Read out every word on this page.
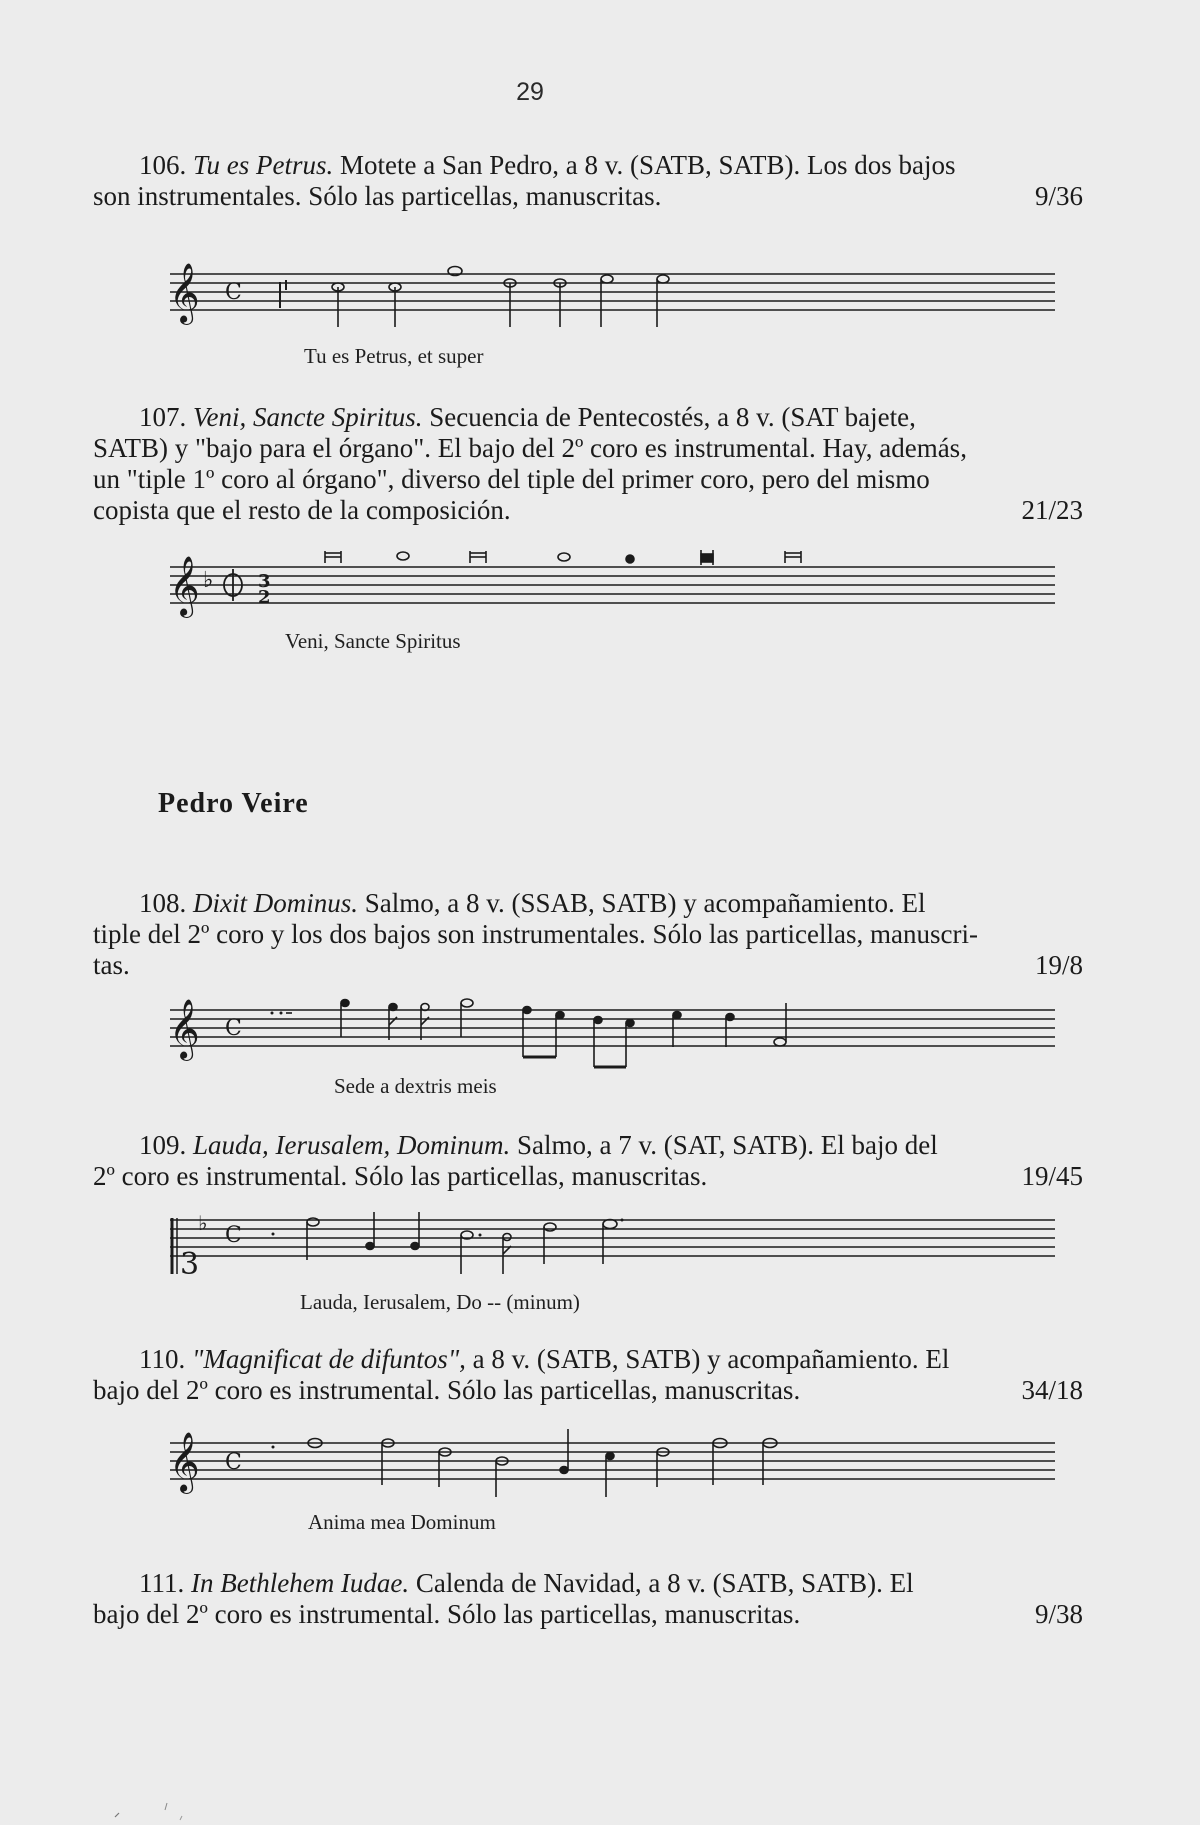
29
106. Tu es Petrus. Motete a San Pedro, a 8 v. (SATB, SATB). Los dos bajos
son instrumentales. Sólo las particellas, manuscritas.	9/36
𝄞 C
Tu es Petrus, et super
107. Veni, Sancte Spiritus. Secuencia de Pentecostés, a 8 v. (SAT bajete,
SATB) y "bajo para el órgano". El bajo del 2º coro es instrumental. Hay, además,
un "tiple 1º coro al órgano", diverso del tiple del primer coro, pero del mismo
copista que el resto de la composición.	21/23
𝄞 ♭ 3
2
Veni, Sancte Spiritus
Pedro Veire
108. Dixit Dominus. Salmo, a 8 v. (SSAB, SATB) y acompañamiento. El
tiple del 2º coro y los dos bajos son instrumentales. Sólo las particellas, manuscri-
tas.	19/8
𝄞 C
Sede a dextris meis
109. Lauda, Ierusalem, Dominum. Salmo, a 7 v. (SAT, SATB). El bajo del
2º coro es instrumental. Sólo las particellas, manuscritas.	19/45
3
♭ C
Lauda, Ierusalem, Do -- (minum)
110. "Magnificat de difuntos", a 8 v. (SATB, SATB) y acompañamiento. El
bajo del 2º coro es instrumental. Sólo las particellas, manuscritas.	34/18
𝄞 C
Anima mea Dominum
111. In Bethlehem Iudae. Calenda de Navidad, a 8 v. (SATB, SATB). El
bajo del 2º coro es instrumental. Sólo las particellas, manuscritas.	9/38
